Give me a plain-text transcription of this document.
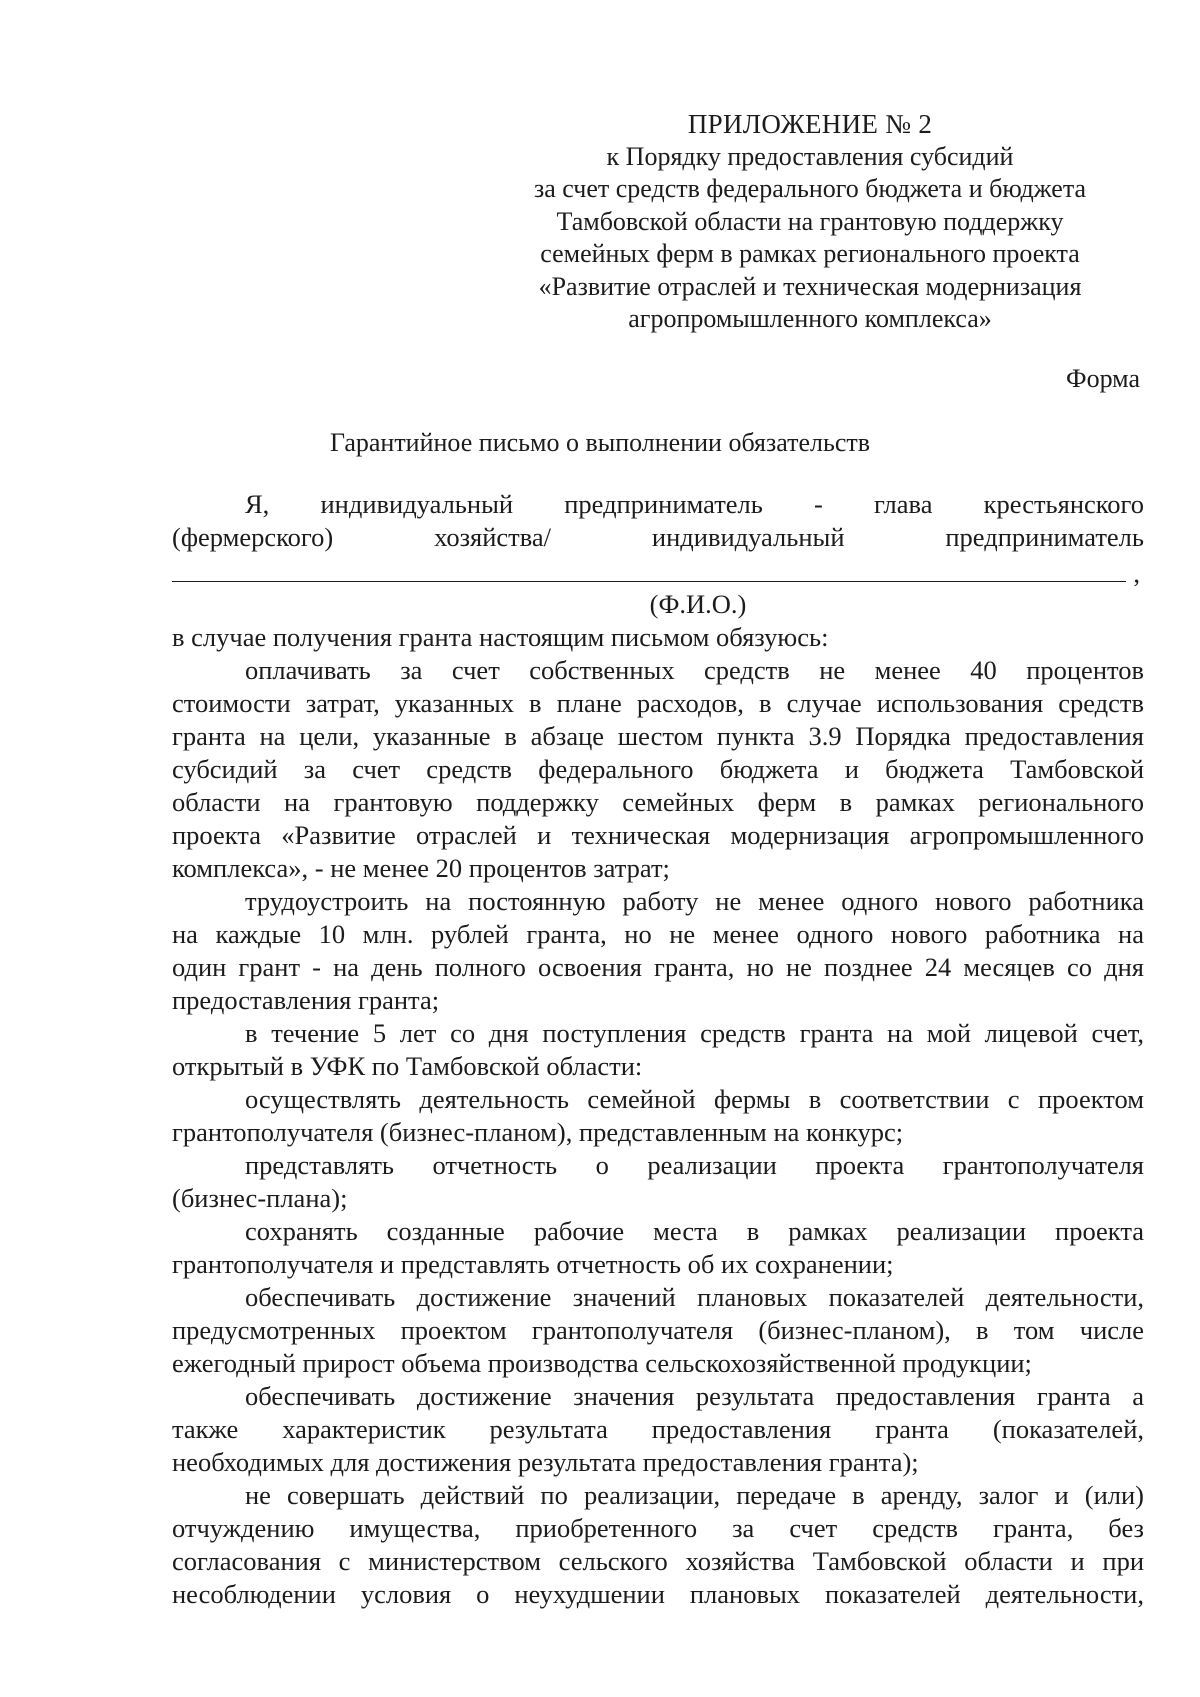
ПРИЛОЖЕНИЕ № 2
к Порядку предоставления субсидий
за счет средств федерального бюджета и бюджета
Тамбовской области на грантовую поддержку
семейных ферм в рамках регионального проекта
«Развитие отраслей и техническая модернизация
агропромышленного комплекса»
Форма
Гарантийное письмо о выполнении обязательств
Я, индивидуальный предприниматель - глава крестьянского
(фермерского) хозяйства/ индивидуальный предприниматель
,
(Ф.И.О.)
в случае получения гранта настоящим письмом обязуюсь:
оплачивать за счет собственных средств не менее 40 процентов
стоимости затрат, указанных в плане расходов, в случае использования средств
гранта на цели, указанные в абзаце шестом пункта 3.9 Порядка предоставления
субсидий за счет средств федерального бюджета и бюджета Тамбовской
области на грантовую поддержку семейных ферм в рамках регионального
проекта «Развитие отраслей и техническая модернизация агропромышленного
комплекса», - не менее 20 процентов затрат;
трудоустроить на постоянную работу не менее одного нового работника
на каждые 10 млн. рублей гранта, но не менее одного нового работника на
один грант - на день полного освоения гранта, но не позднее 24 месяцев со дня
предоставления гранта;
в течение 5 лет со дня поступления средств гранта на мой лицевой счет,
открытый в УФК по Тамбовской области:
осуществлять деятельность семейной фермы в соответствии с проектом
грантополучателя (бизнес-планом), представленным на конкурс;
представлять отчетность о реализации проекта грантополучателя
(бизнес-плана);
сохранять созданные рабочие места в рамках реализации проекта
грантополучателя и представлять отчетность об их сохранении;
обеспечивать достижение значений плановых показателей деятельности,
предусмотренных проектом грантополучателя (бизнес-планом), в том числе
ежегодный прирост объема производства сельскохозяйственной продукции;
обеспечивать достижение значения результата предоставления гранта а
также характеристик результата предоставления гранта (показателей,
необходимых для достижения результата предоставления гранта);
не совершать действий по реализации, передаче в аренду, залог и (или)
отчуждению имущества, приобретенного за счет средств гранта, без
согласования с министерством сельского хозяйства Тамбовской области и при
несоблюдении условия о неухудшении плановых показателей деятельности,
